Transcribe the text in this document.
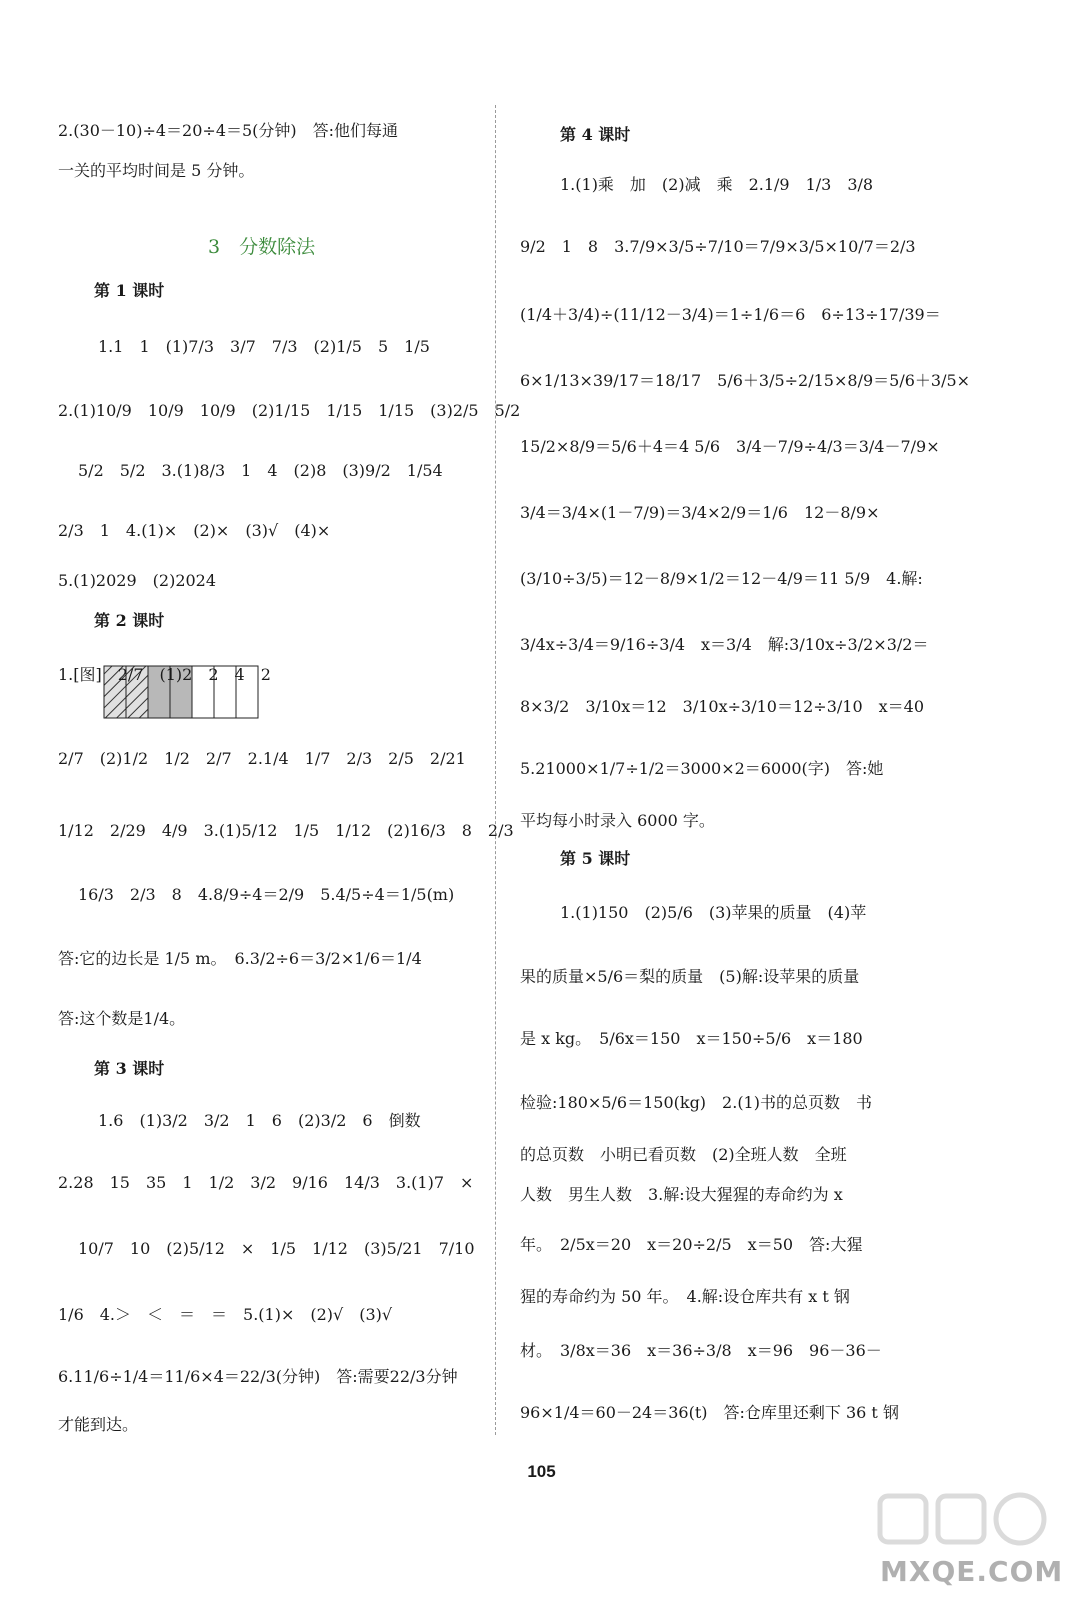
2.(30－10)÷4＝20÷4＝5(分钟)　答:他们每通
一关的平均时间是 5 分钟。
3　分数除法
第 1 课时
1.1　1　(1)7/3　3/7　7/3　(2)1/5　5　1/5
2.(1)10/9　10/9　10/9　(2)1/15　1/15　1/15　(3)2/5　5/2
5/2　5/2　3.(1)8/3　1　4　(2)8　(3)9/2　1/54
2/3　1　4.(1)×　(2)×　(3)√　(4)×
5.(1)2029　(2)2024
第 2 课时
1.[图]　2/7　(1)2　2　4　2
2/7　(2)1/2　1/2　2/7　2.1/4　1/7　2/3　2/5　2/21
1/12　2/29　4/9　3.(1)5/12　1/5　1/12　(2)16/3　8　2/3
16/3　2/3　8　4.8/9÷4＝2/9　5.4/5÷4＝1/5(m)
答:它的边长是 1/5 m。　6.3/2÷6＝3/2×1/6＝1/4
答:这个数是1/4。
第 3 课时
1.6　(1)3/2　3/2　1　6　(2)3/2　6　倒数
2.28　15　35　1　1/2　3/2　9/16　14/3　3.(1)7　×
10/7　10　(2)5/12　×　1/5　1/12　(3)5/21　7/10
1/6　4.＞　＜　＝　＝　5.(1)×　(2)√　(3)√
6.11/6÷1/4＝11/6×4＝22/3(分钟)　答:需要22/3分钟
才能到达。
第 4 课时
1.(1)乘　加　(2)减　乘　2.1/9　1/3　3/8
9/2　1　8　3.7/9×3/5÷7/10＝7/9×3/5×10/7＝2/3
(1/4＋3/4)÷(11/12－3/4)＝1÷1/6＝6　6÷13÷17/39＝
6×1/13×39/17＝18/17　5/6＋3/5÷2/15×8/9＝5/6＋3/5×
15/2×8/9＝5/6＋4＝4 5/6　3/4－7/9÷4/3＝3/4－7/9×
3/4＝3/4×(1－7/9)＝3/4×2/9＝1/6　12－8/9×
(3/10÷3/5)＝12－8/9×1/2＝12－4/9＝11 5/9　4.解:
3/4x÷3/4＝9/16÷3/4　x＝3/4　解:3/10x÷3/2×3/2＝
8×3/2　3/10x＝12　3/10x÷3/10＝12÷3/10　x＝40
5.21000×1/7÷1/2＝3000×2＝6000(字)　答:她
平均每小时录入 6000 字。
第 5 课时
1.(1)150　(2)5/6　(3)苹果的质量　(4)苹
果的质量×5/6＝梨的质量　(5)解:设苹果的质量
是 x kg。　5/6x＝150　x＝150÷5/6　x＝180
检验:180×5/6＝150(kg)　2.(1)书的总页数　书
的总页数　小明已看页数　(2)全班人数　全班
人数　男生人数　3.解:设大猩猩的寿命约为 x
年。　2/5x＝20　x＝20÷2/5　x＝50　答:大猩
猩的寿命约为 50 年。　4.解:设仓库共有 x t 钢
材。　3/8x＝36　x＝36÷3/8　x＝96　96－36－
96×1/4＝60－24＝36(t)　答:仓库里还剩下 36 t 钢
105
MXQE.COM
